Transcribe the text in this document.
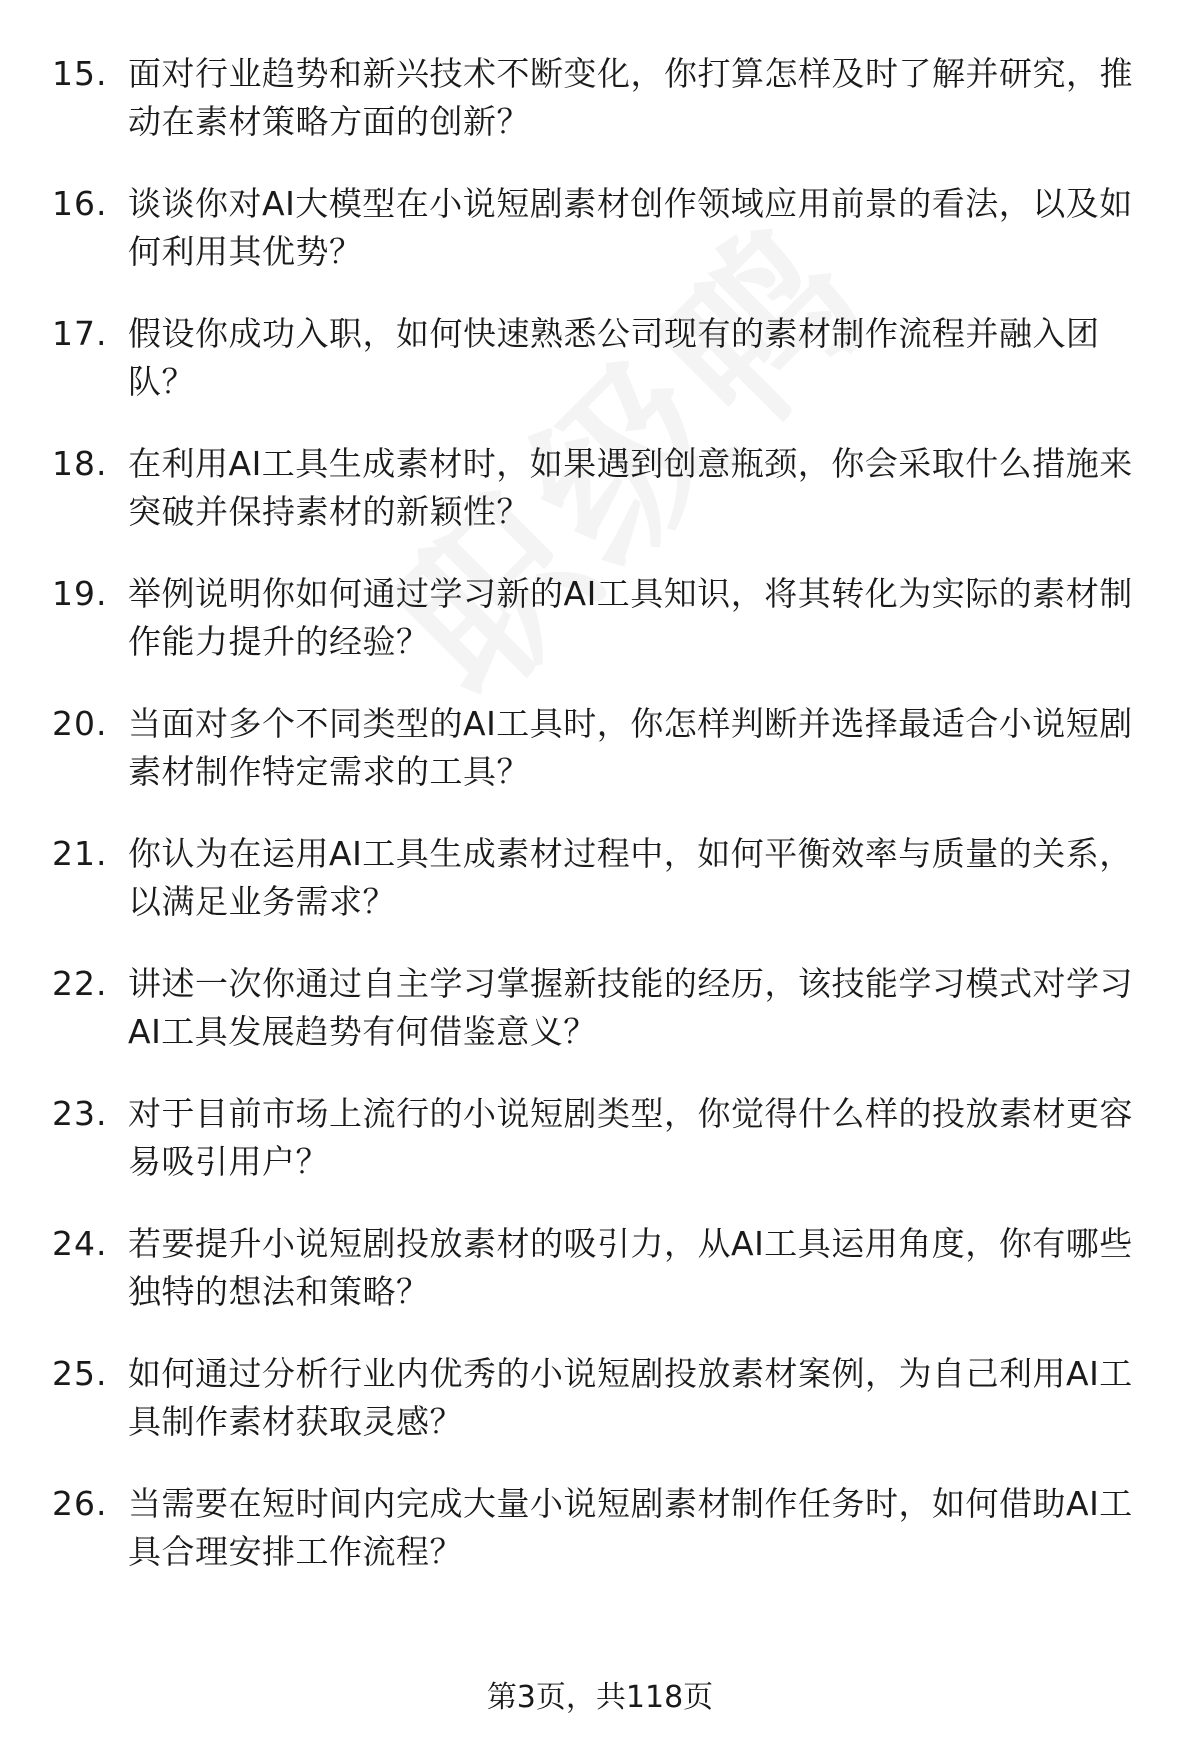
15. 面对行业趋势和新兴技术不断变化，你打算怎样及时了解并研究，推动在素材策略方面的创新？
16. 谈谈你对AI大模型在小说短剧素材创作领域应用前景的看法，以及如何利用其优势？
17. 假设你成功入职，如何快速熟悉公司现有的素材制作流程并融入团队？
18. 在利用AI工具生成素材时，如果遇到创意瓶颈，你会采取什么措施来突破并保持素材的新颖性？
19. 举例说明你如何通过学习新的AI工具知识，将其转化为实际的素材制作能力提升的经验？
20. 当面对多个不同类型的AI工具时，你怎样判断并选择最适合小说短剧素材制作特定需求的工具？
21. 你认为在运用AI工具生成素材过程中，如何平衡效率与质量的关系，以满足业务需求？
22. 讲述一次你通过自主学习掌握新技能的经历，该技能学习模式对学习AI工具发展趋势有何借鉴意义？
23. 对于目前市场上流行的小说短剧类型，你觉得什么样的投放素材更容易吸引用户？
24. 若要提升小说短剧投放素材的吸引力，从AI工具运用角度，你有哪些独特的想法和策略？
25. 如何通过分析行业内优秀的小说短剧投放素材案例，为自己利用AI工具制作素材获取灵感？
26. 当需要在短时间内完成大量小说短剧素材制作任务时，如何借助AI工具合理安排工作流程？
第3页，共118页
